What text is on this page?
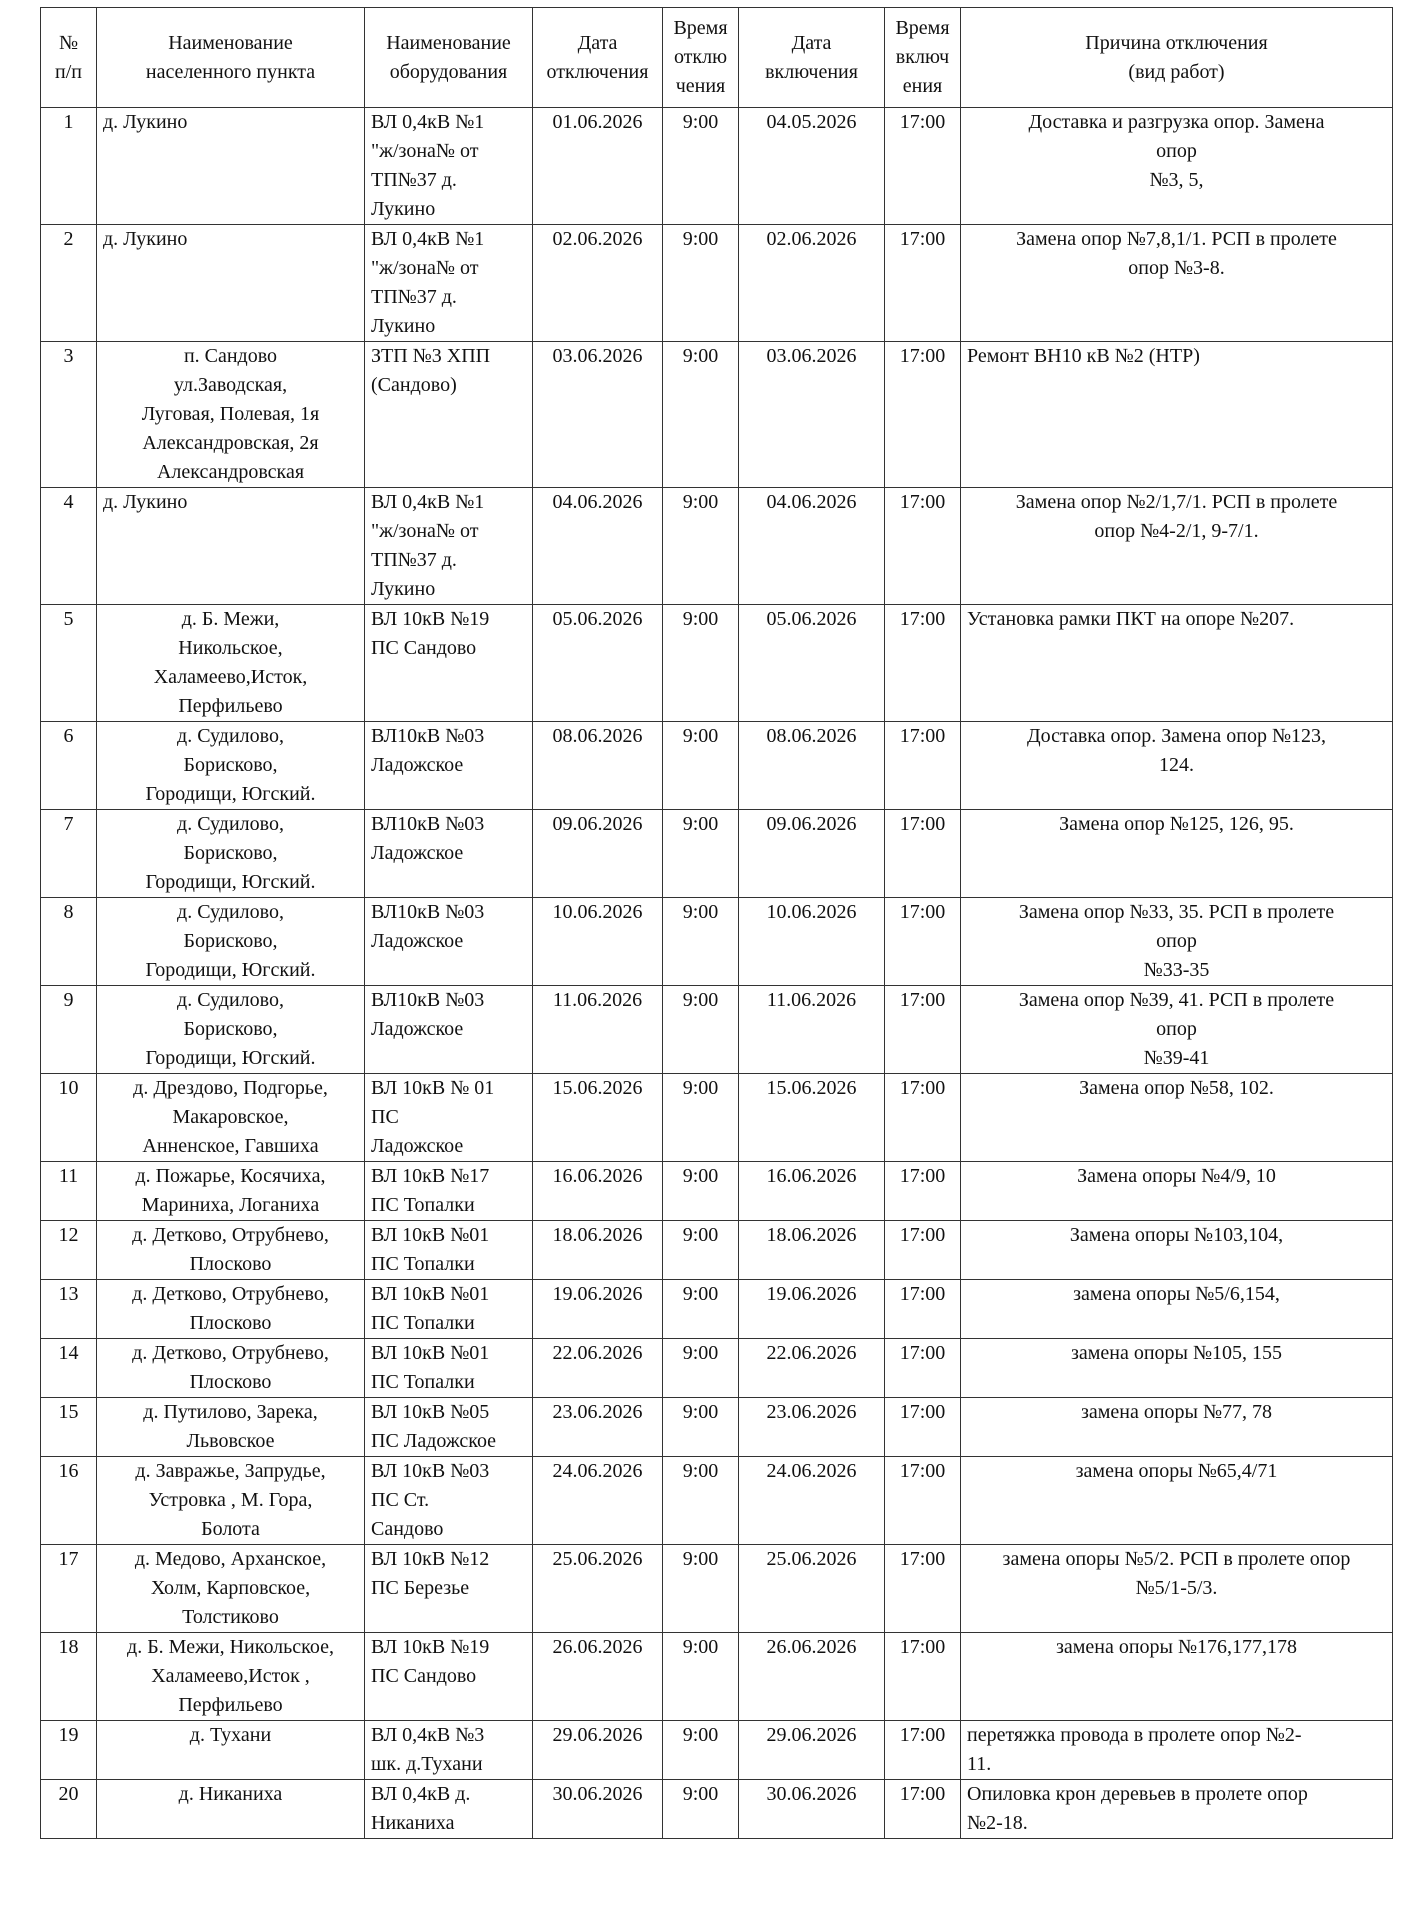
№
п/п	Наименование
населенного пункта	Наименование
оборудования	Дата
отключения	Время
отклю
чения	Дата
включения	Время
включ
ения	Причина отключения
(вид работ)

1	д. Лукино	ВЛ 0,4кВ №1
"ж/зона№ от
ТП№37 д.
Лукино	01.06.2026	9:00	04.05.2026	17:00	Доставка и разгрузка опор. Замена
опор
№3, 5,

2	д. Лукино	ВЛ 0,4кВ №1
"ж/зона№ от
ТП№37 д.
Лукино	02.06.2026	9:00	02.06.2026	17:00	Замена опор №7,8,1/1. РСП в пролете
опор №3-8.

3	п. Сандово
ул.Заводская,
Луговая, Полевая, 1я
Александровская, 2я
Александровская	ЗТП №3 ХПП
(Сандово)	03.06.2026	9:00	03.06.2026	17:00	Ремонт ВН10 кВ №2 (НТР)

4	д. Лукино	ВЛ 0,4кВ №1
"ж/зона№ от
ТП№37 д.
Лукино	04.06.2026	9:00	04.06.2026	17:00	Замена опор №2/1,7/1. РСП в пролете
опор №4-2/1, 9-7/1.

5	д. Б. Межи,
Никольское,
Халамеево,Исток,
Перфильево	ВЛ 10кВ №19
ПС Сандово	05.06.2026	9:00	05.06.2026	17:00	Установка рамки ПКТ на опоре №207.

6	д. Судилово,
Борисково,
Городищи, Югский.	ВЛ10кВ №03
Ладожское	08.06.2026	9:00	08.06.2026	17:00	Доставка опор. Замена опор №123,
124.

7	д. Судилово,
Борисково,
Городищи, Югский.	ВЛ10кВ №03
Ладожское	09.06.2026	9:00	09.06.2026	17:00	Замена опор №125, 126, 95.

8	д. Судилово,
Борисково,
Городищи, Югский.	ВЛ10кВ №03
Ладожское	10.06.2026	9:00	10.06.2026	17:00	Замена опор №33, 35. РСП в пролете
опор
№33-35

9	д. Судилово,
Борисково,
Городищи, Югский.	ВЛ10кВ №03
Ладожское	11.06.2026	9:00	11.06.2026	17:00	Замена опор №39, 41. РСП в пролете
опор
№39-41

10	д. Дрездово, Подгорье,
Макаровское,
Анненское, Гавшиха	ВЛ 10кВ № 01
ПС
Ладожское	15.06.2026	9:00	15.06.2026	17:00	Замена опор №58, 102.

11	д. Пожарье, Косячиха,
Мариниха, Логаниха	ВЛ 10кВ №17
ПС Топалки	16.06.2026	9:00	16.06.2026	17:00	Замена опоры №4/9, 10

12	д. Детково, Отрубнево,
Плосково	ВЛ 10кВ №01
ПС Топалки	18.06.2026	9:00	18.06.2026	17:00	Замена опоры №103,104,

13	д. Детково, Отрубнево,
Плосково	ВЛ 10кВ №01
ПС Топалки	19.06.2026	9:00	19.06.2026	17:00	замена опоры №5/6,154,

14	д. Детково, Отрубнево,
Плосково	ВЛ 10кВ №01
ПС Топалки	22.06.2026	9:00	22.06.2026	17:00	замена опоры №105, 155

15	д. Путилово, Зарека,
Львовское	ВЛ 10кВ №05
ПС Ладожское	23.06.2026	9:00	23.06.2026	17:00	замена опоры №77, 78

16	д. Завражье, Запрудье,
Устровка , М. Гора,
Болота	ВЛ 10кВ №03
ПС Ст.
Сандово	24.06.2026	9:00	24.06.2026	17:00	замена опоры №65,4/71

17	д. Медово, Арханское,
Холм, Карповское,
Толстиково	ВЛ 10кВ №12
ПС Березье	25.06.2026	9:00	25.06.2026	17:00	замена опоры №5/2. РСП в пролете опор
№5/1-5/3.

18	д. Б. Межи, Никольское,
Халамеево,Исток ,
Перфильево	ВЛ 10кВ №19
ПС Сандово	26.06.2026	9:00	26.06.2026	17:00	замена опоры №176,177,178

19	д. Тухани	ВЛ 0,4кВ №3
шк. д.Тухани	29.06.2026	9:00	29.06.2026	17:00	перетяжка провода в пролете опор №2-
11.

20	д. Никаниха	ВЛ 0,4кВ д.
Никаниха	30.06.2026	9:00	30.06.2026	17:00	Опиловка крон деревьев в пролете опор
№2-18.
